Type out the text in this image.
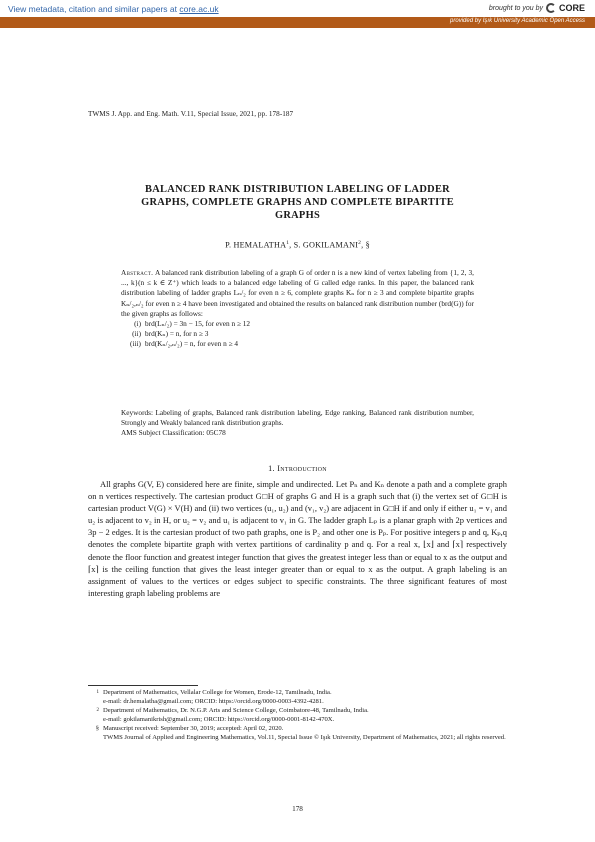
View metadata, citation and similar papers at core.ac.uk	brought to you by CORE
provided by Işık University Academic Open Access
TWMS J. App. and Eng. Math. V.11, Special Issue, 2021, pp. 178-187
BALANCED RANK DISTRIBUTION LABELING OF LADDER
GRAPHS, COMPLETE GRAPHS AND COMPLETE BIPARTITE
GRAPHS
P. HEMALATHA$^1$, S. GOKILAMANI$^2$, §
Abstract. A balanced rank distribution labeling of a graph G of order n is a new kind of vertex labeling from {1, 2, 3, ..., k}(n ≤ k ∈ Z⁺) which leads to a balanced edge labeling of G called edge ranks. In this paper, the balanced rank distribution labeling of ladder graphs Lₙ/₂ for even n ≥ 6, complete graphs Kₙ for n ≥ 3 and complete bipartite graphs Kₙ/₂,ₙ/₂ for even n ≥ 4 have been investigated and obtained the results on balanced rank distribution number (brd(G)) for the given graphs as follows:
(i) brd(Lₙ/₂) = 3n − 15, for even n ≥ 12
(ii) brd(Kₙ) = n, for n ≥ 3
(iii) brd(Kₙ/₂,ₙ/₂) = n, for even n ≥ 4
Keywords: Labeling of graphs, Balanced rank distribution labeling, Edge ranking, Balanced rank distribution number, Strongly and Weakly balanced rank distribution graphs.
AMS Subject Classification: 05C78
1. Introduction
All graphs G(V, E) considered here are finite, simple and undirected. Let Pₙ and Kₙ denote a path and a complete graph on n vertices respectively. The cartesian product G□H of graphs G and H is a graph such that (i) the vertex set of G□H is cartesian product V(G) × V(H) and (ii) two vertices (u₁, u₂) and (v₁, v₂) are adjacent in G□H if and only if either u₁ = v₁ and u₂ is adjacent to v₂ in H, or u₂ = v₂ and u₁ is adjacent to v₁ in G. The ladder graph Lₚ is a planar graph with 2p vertices and 3p − 2 edges. It is the cartesian product of two path graphs, one is P₂ and other one is Pₚ. For positive integers p and q, Kₚ,q denotes the complete bipartite graph with vertex partitions of cardinality p and q. For a real x, ⌊x⌋ and ⌈x⌉ respectively denote the floor function and greatest integer function that gives the greatest integer less than or equal to x as the output and ⌈x⌉ is the ceiling function that gives the least integer greater than or equal to x as the output. A graph labeling is an assignment of values to the vertices or edges subject to specific constraints. The three significant features of most interesting graph labeling problems are
1 Department of Mathematics, Vellalar College for Women, Erode-12, Tamilnadu, India.
e-mail: dr.hemalatha@gmail.com; ORCID: https://orcid.org/0000-0003-4392-4281.
2 Department of Mathematics, Dr. N.G.P. Arts and Science College, Coimbatore-48, Tamilnadu, India.
e-mail: gokilamanikrish@gmail.com; ORCID: https://orcid.org/0000-0001-8142-470X.
§ Manuscript received: September 30, 2019; accepted: April 02, 2020.
TWMS Journal of Applied and Engineering Mathematics, Vol.11, Special Issue © Işık University, Department of Mathematics, 2021; all rights reserved.
178
